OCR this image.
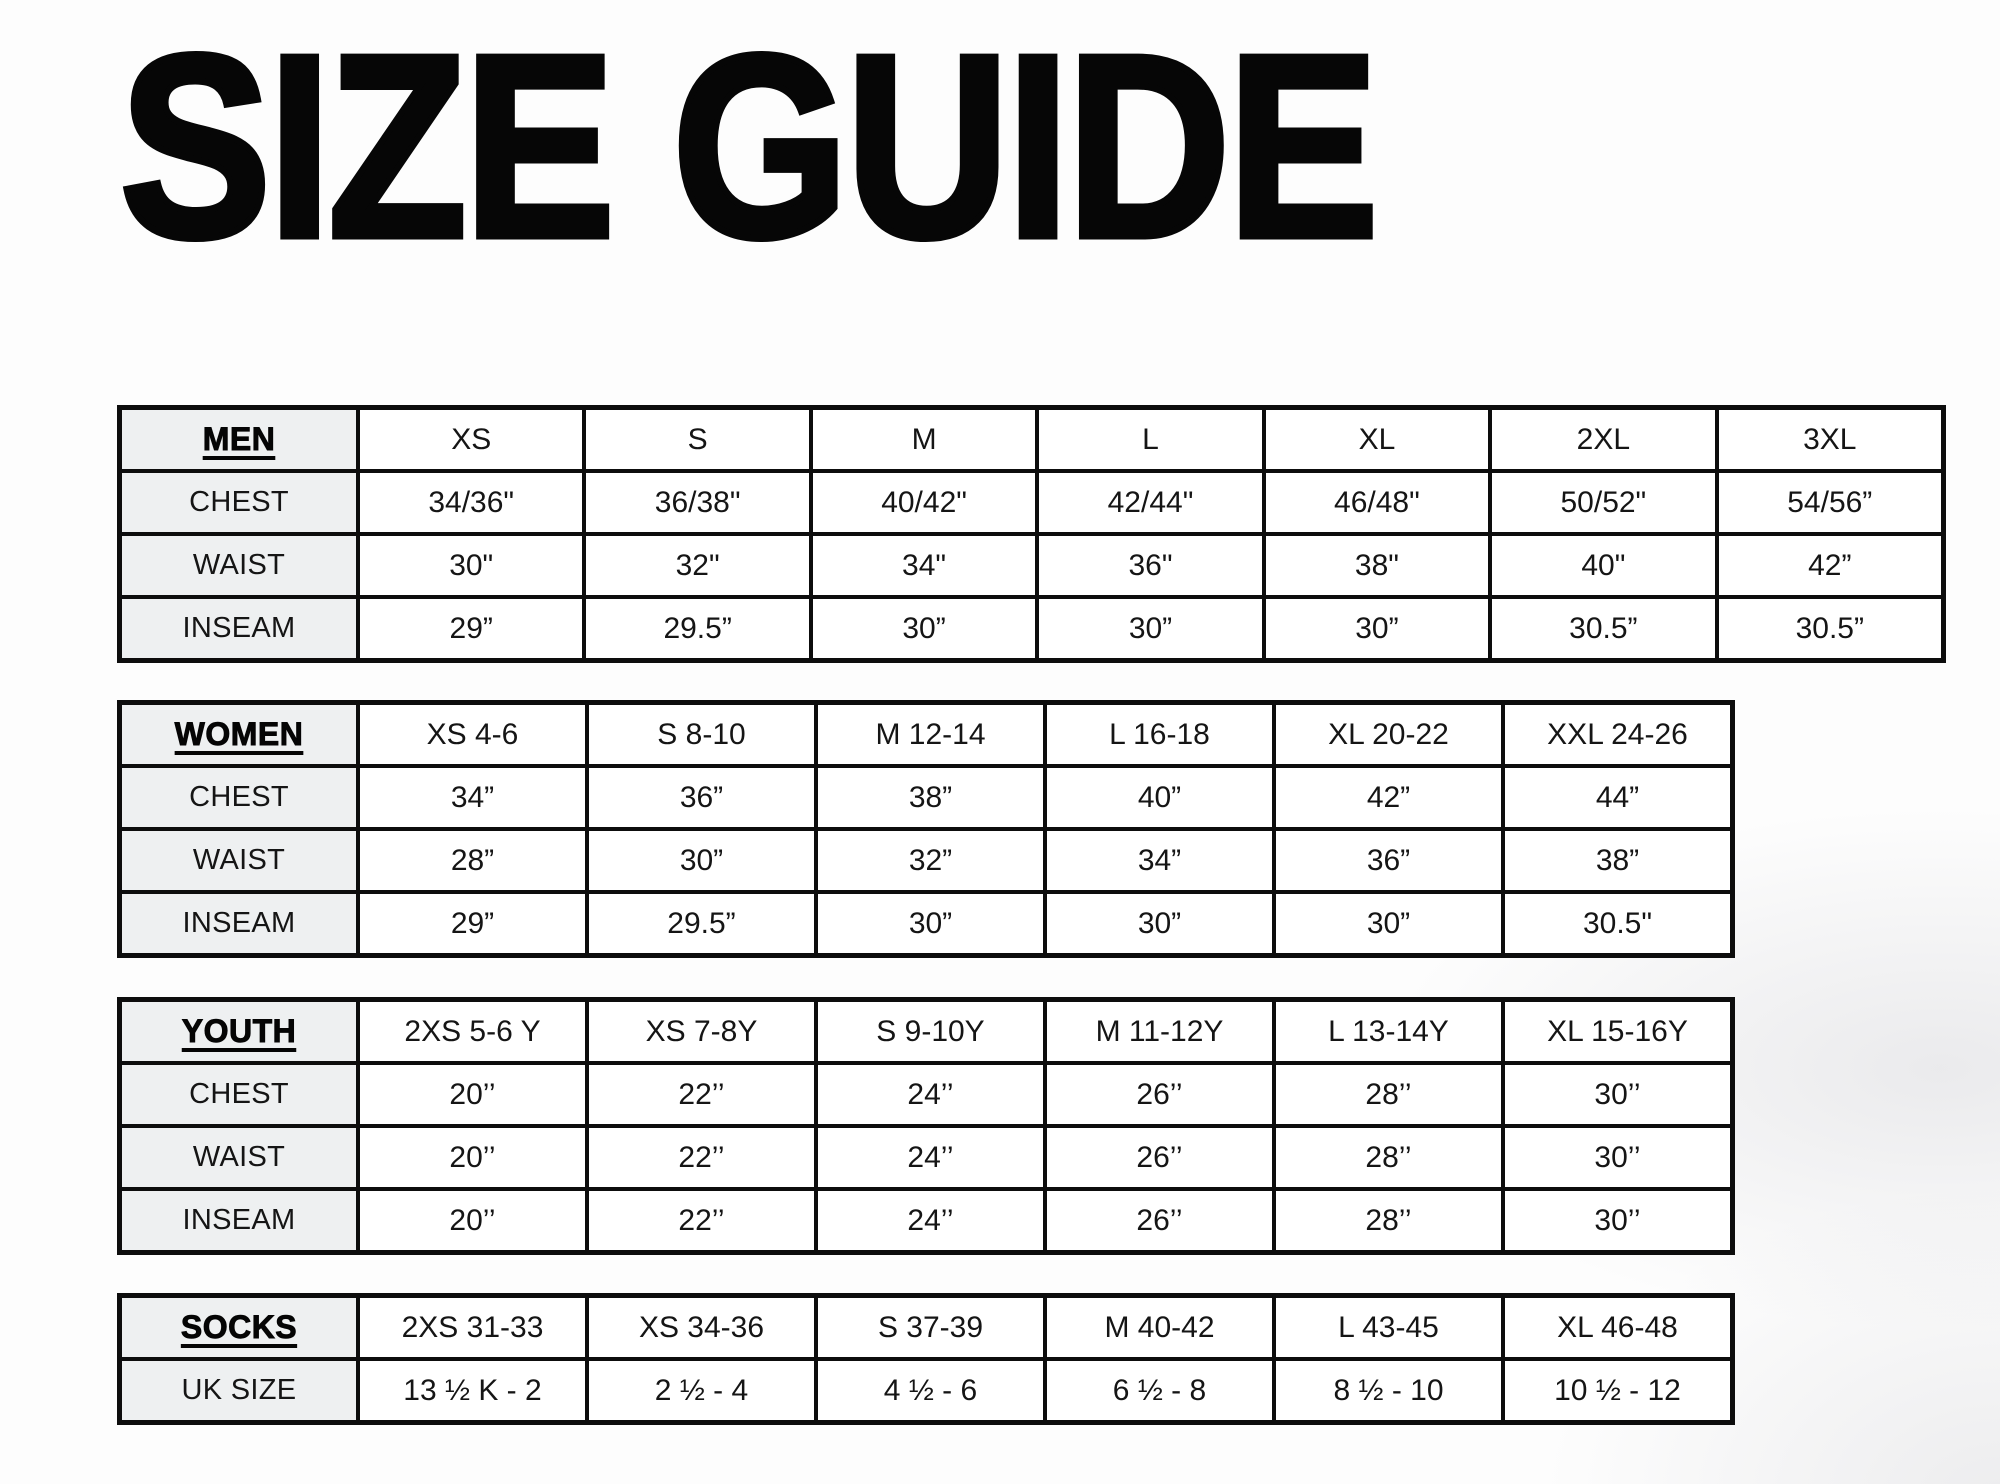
SIZE GUIDE
MEN	XS	S	M	L	XL	2XL	3XL
CHEST	34/36"	36/38"	40/42"	42/44"	46/48"	50/52"	54/56”
WAIST	30"	32"	34"	36"	38"	40"	42”
INSEAM	29”	29.5”	30”	30”	30”	30.5”	30.5”
WOMEN	XS 4-6	S 8-10	M 12-14	L 16-18	XL 20-22	XXL 24-26
CHEST	34”	36”	38”	40”	42”	44”
WAIST	28”	30”	32”	34”	36”	38”
INSEAM	29”	29.5”	30”	30”	30”	30.5"
YOUTH	2XS 5-6 Y	XS 7-8Y	S 9-10Y	M 11-12Y	L 13-14Y	XL 15-16Y
CHEST	20’’	22’’	24’’	26’’	28’’	30’’
WAIST	20’’	22’’	24’’	26’’	28’’	30’’
INSEAM	20’’	22’’	24’’	26’’	28’’	30’’
SOCKS	2XS 31-33	XS 34-36	S 37-39	M 40-42	L 43-45	XL 46-48
UK SIZE	13 ½ K - 2	2 ½ - 4	4 ½ - 6	6 ½ - 8	8 ½ - 10	10 ½ - 12
